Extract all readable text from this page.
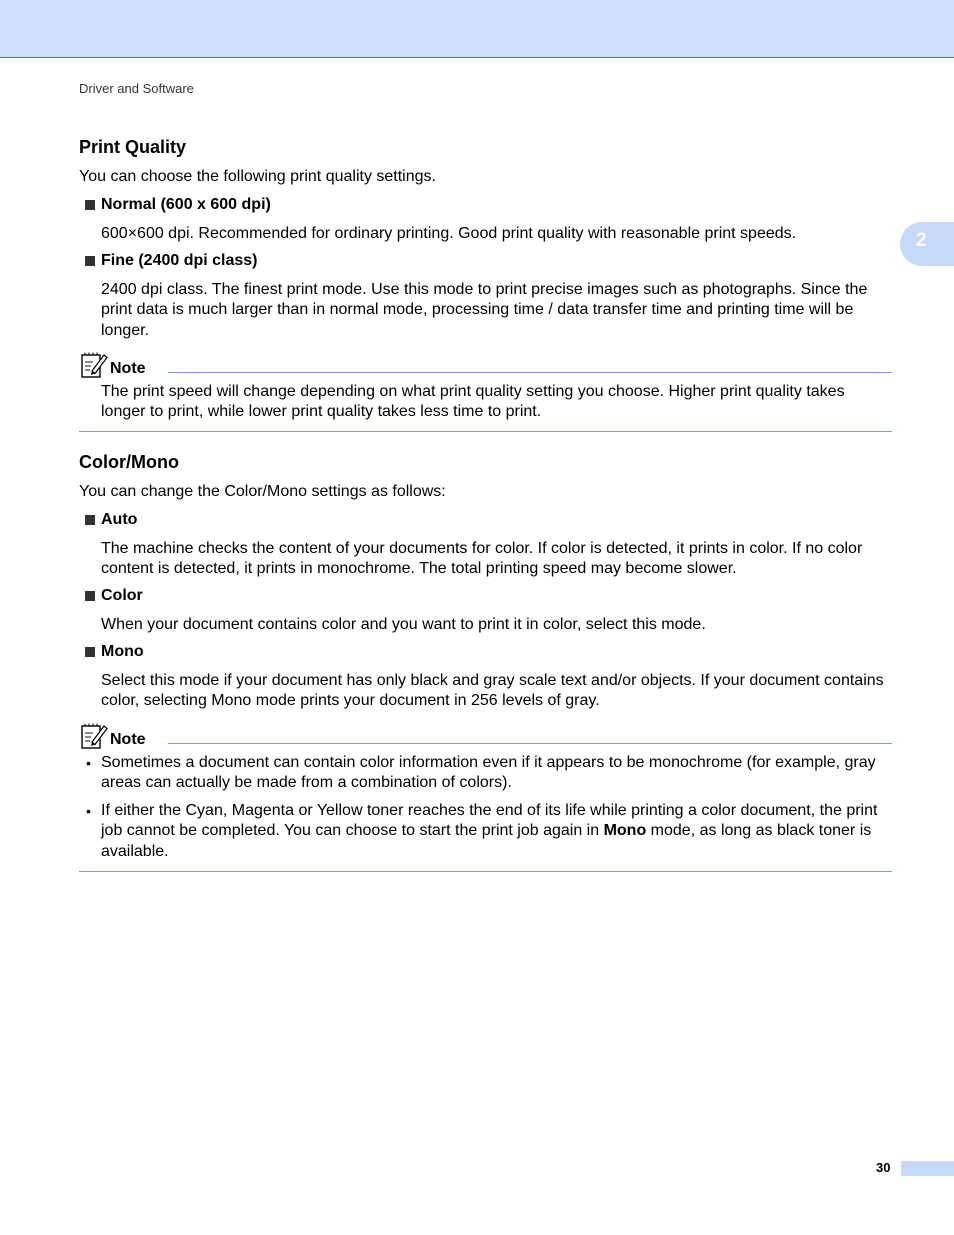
Driver and Software
2
Print Quality
You can choose the following print quality settings.
Normal (600 x 600 dpi)
600×600 dpi. Recommended for ordinary printing. Good print quality with reasonable print speeds.
Fine (2400 dpi class)
2400 dpi class. The finest print mode. Use this mode to print precise images such as photographs. Since the print data is much larger than in normal mode, processing time / data transfer time and printing time will be longer.
Note
The print speed will change depending on what print quality setting you choose. Higher print quality takes longer to print, while lower print quality takes less time to print.
Color/Mono
You can change the Color/Mono settings as follows:
Auto
The machine checks the content of your documents for color. If color is detected, it prints in color. If no color content is detected, it prints in monochrome. The total printing speed may become slower.
Color
When your document contains color and you want to print it in color, select this mode.
Mono
Select this mode if your document has only black and gray scale text and/or objects. If your document contains color, selecting Mono mode prints your document in 256 levels of gray.
Note
• Sometimes a document can contain color information even if it appears to be monochrome (for example, gray areas can actually be made from a combination of colors).
• If either the Cyan, Magenta or Yellow toner reaches the end of its life while printing a color document, the print job cannot be completed. You can choose to start the print job again in Mono mode, as long as black toner is available.
30
